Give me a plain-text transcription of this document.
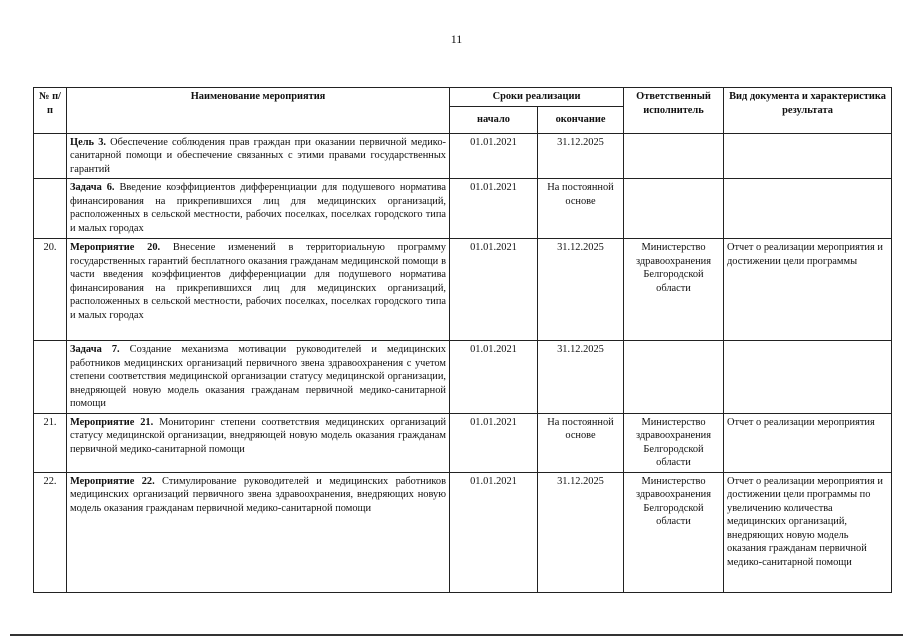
11
№ п/п	Наименование мероприятия	Сроки реализации		Ответственный исполнитель	Вид документа и характеристика результата
		начало	окончание		
	Цель 3. Обеспечение соблюдения прав граждан при оказании первичной медико-санитарной помощи и обеспечение связанных с этими правами государственных гарантий	01.01.2021	31.12.2025		
	Задача 6. Введение коэффициентов дифференциации для подушевого норматива финансирования на прикрепившихся лиц для медицинских организаций, расположенных в сельской местности, рабочих поселках, поселках городского типа и малых городах	01.01.2021	На постоянной основе		
20.	Мероприятие 20. Внесение изменений в территориальную программу государственных гарантий бесплатного оказания гражданам медицинской помощи в части введения коэффициентов дифференциации для подушевого норматива финансирования на прикрепившихся лиц для медицинских организаций, расположенных в сельской местности, рабочих поселках, поселках городского типа и малых городах	01.01.2021	31.12.2025	Министерство здравоохранения Белгородской области	Отчет о реализации мероприятия и достижении цели программы
	Задача 7. Создание механизма мотивации руководителей и медицинских работников медицинских организаций первичного звена здравоохранения с учетом степени соответствия медицинской организации статусу медицинской организации, внедряющей новую модель оказания гражданам первичной медико-санитарной помощи	01.01.2021	31.12.2025		
21.	Мероприятие 21. Мониторинг степени соответствия медицинских организаций статусу медицинской организации, внедряющей новую модель оказания гражданам первичной медико-санитарной помощи	01.01.2021	На постоянной основе	Министерство здравоохранения Белгородской области	Отчет о реализации мероприятия
22.	Мероприятие 22. Стимулирование руководителей и медицинских работников медицинских организаций первичного звена здравоохранения, внедряющих новую модель оказания гражданам первичной медико-санитарной помощи	01.01.2021	31.12.2025	Министерство здравоохранения Белгородской области	Отчет о реализации мероприятия и достижении цели программы по увеличению количества медицинских организаций, внедряющих новую модель оказания гражданам первичной медико-санитарной помощи
